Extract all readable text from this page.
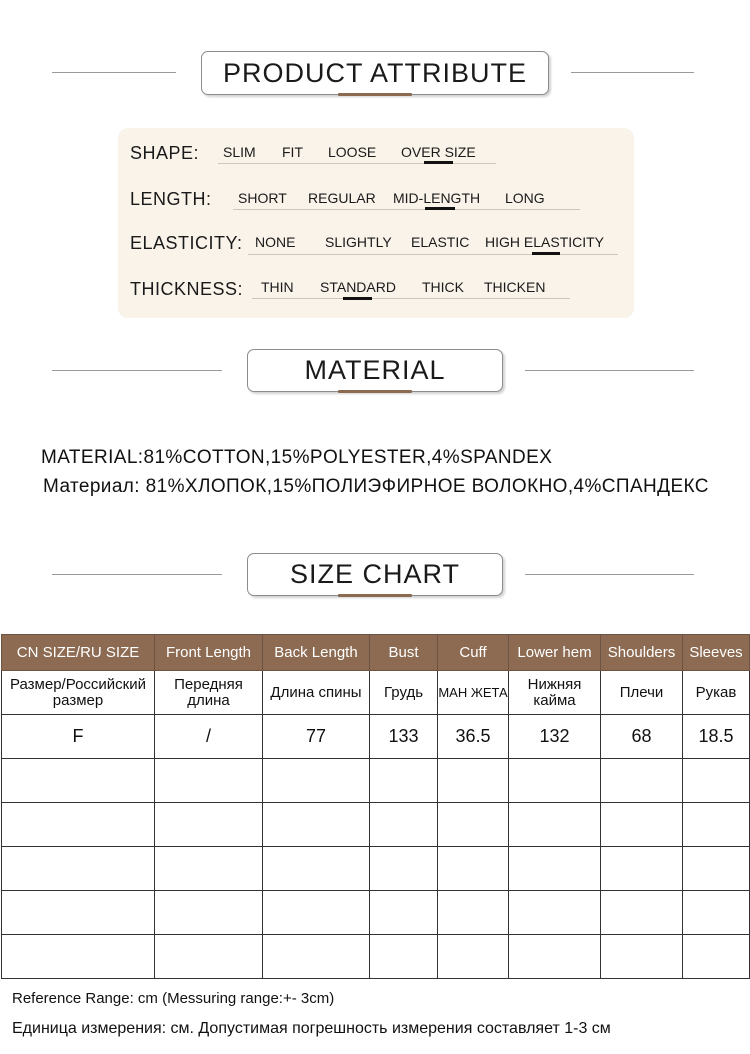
PRODUCT ATTRIBUTE
SHAPE: SLIM FIT LOOSE OVER SIZE
LENGTH: SHORT REGULAR MID-LENGTH LONG
ELASTICITY: NONE SLIGHTLY ELASTIC HIGH ELASTICITY
THICKNESS: THIN STANDARD THICK THICKEN
MATERIAL
MATERIAL:81%COTTON,15%POLYESTER,4%SPANDEX
Материал: 81%ХЛОПОК,15%ПОЛИЭФИРНОЕ ВОЛОКНО,4%СПАНДЕКС
SIZE CHART
CN SIZE/RU SIZE	Front Length	Back Length	Bust	Cuff	Lower hem	Shoulders	Sleeves
Размер/Российский размер	Передняя длина	Длина спины	Грудь	МАН ЖЕТА	Нижняя кайма	Плечи	Рукав
F	/	77	133	36.5	132	68	18.5

Reference Range: cm (Messuring range:+- 3cm)
Единица измерения: см. Допустимая погрешность измерения составляет 1-3 см
